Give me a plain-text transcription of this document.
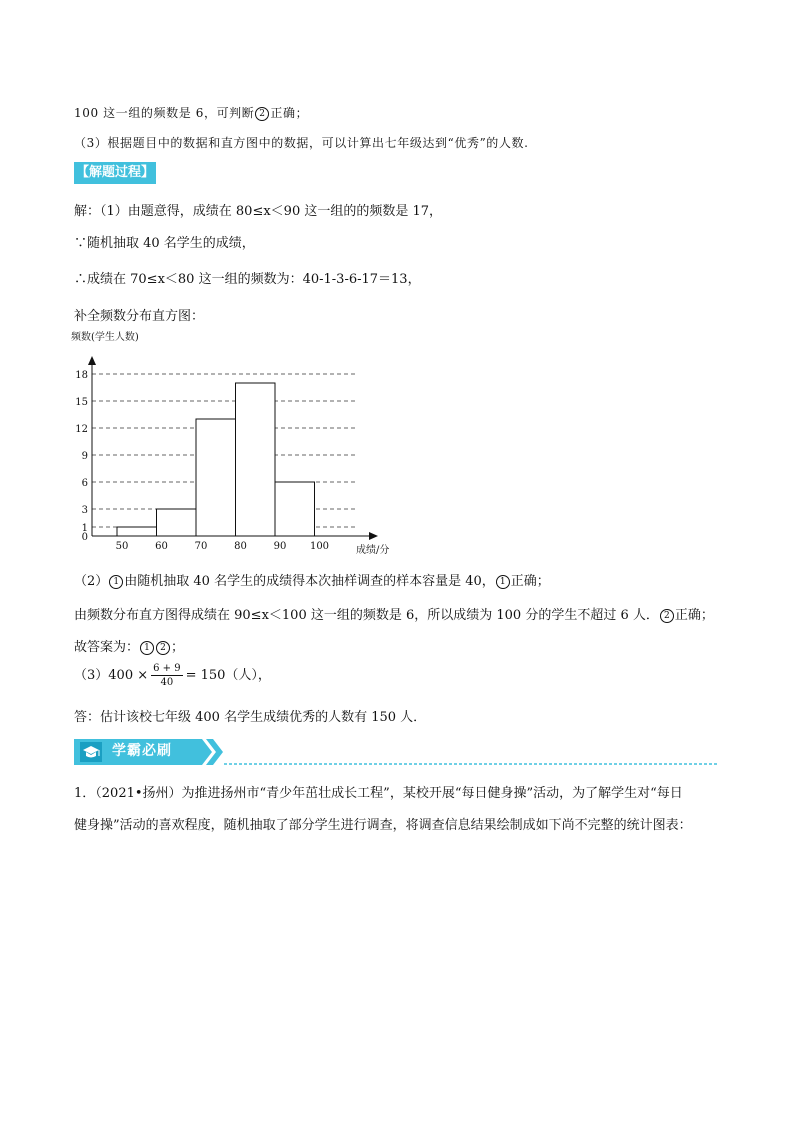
100 这一组的频数是 6，可判断 2 正确；
（3）根据题目中的数据和直方图中的数据，可以计算出七年级达到“优秀”的人数.
【解题过程】
解：（1）由题意得，成绩在 80≤x＜90 这一组的的频数是 17，
∵随机抽取 40 名学生的成绩，
∴成绩在 70≤x＜80 这一组的频数为：40-1-3-6-17＝13，
补全频数分布直方图：
0
1
3
6
9
12
15
18
50	60	70	80	90 100
频数(学生人数)
成绩/分
（2） 1 由随机抽取 40 名学生的成绩得本次抽样调查的样本容量是 40， 1 正确；
由频数分布直方图得成绩在 90≤x＜100 这一组的频数是 6，所以成绩为 100 分的学生不超过 6 人． 2 正确；
故答案为： 1 2 ；
$(3)400 \times \frac{6 + 9}{40} = 150$（人），
答：估计该校七年级 400 名学生成绩优秀的人数有 150 人．
学霸必刷
1．（2021•扬州）为推进扬州市“青少年茁壮成长工程”，某校开展“每日健身操”活动，为了解学生对“每日
健身操”活动的喜欢程度，随机抽取了部分学生进行调查，将调查信息结果绘制成如下尚不完整的统计图表：
